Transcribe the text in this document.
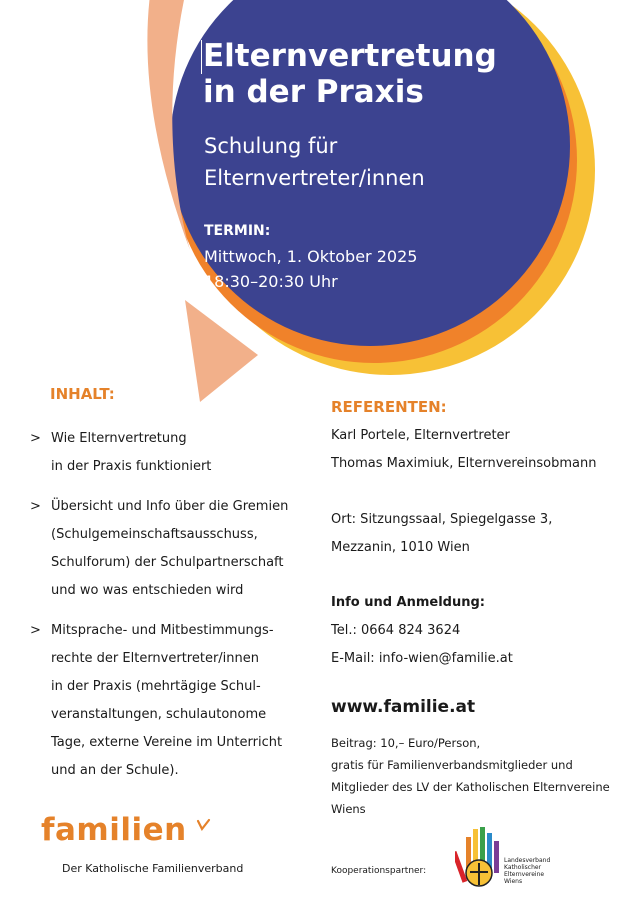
Elternvertretung
in der Praxis
Schulung für
Elternvertreter/innen
TERMIN:
Mittwoch, 1. Oktober 2025
18:30–20:30 Uhr
INHALT:
> Wie Elternvertretung
in der Praxis funktioniert
> Übersicht und Info über die Gremien
(Schulgemeinschaftsausschuss,
Schulforum) der Schulpartnerschaft
und wo was entschieden wird
> Mitsprache- und Mitbestimmungs-
rechte der Elternvertreter/innen
in der Praxis (mehrtägige Schul-
veranstaltungen, schulautonome
Tage, externe Vereine im Unterricht
und an der Schule).
REFERENTEN:
Karl Portele, Elternvertreter
Thomas Maximiuk, Elternvereinsobmann
Ort: Sitzungssaal, Spiegelgasse 3,
Mezzanin, 1010 Wien
Info und Anmeldung:
Tel.: 0664 824 3624
E-Mail: info-wien@familie.at
www.familie.at
Beitrag: 10,– Euro/Person,
gratis für Familienverbandsmitglieder und
Mitglieder des LV der Katholischen Elternvereine
Wiens
familien
Der Katholische Familienverband	Kooperationspartner:
Landesverband
Katholischer
Elternvereine
Wiens
